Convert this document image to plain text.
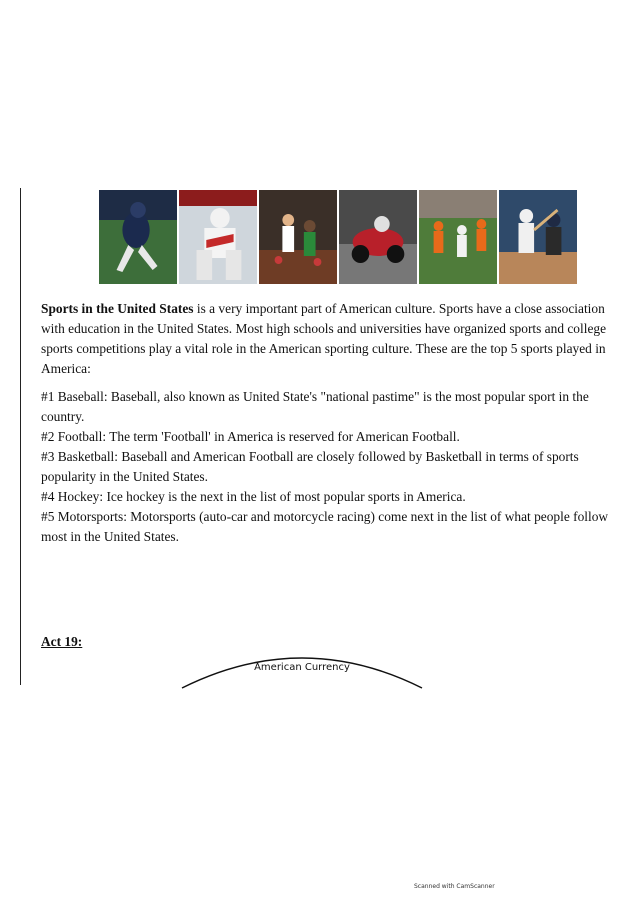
Sports in the United States is a very important part of American culture. Sports have a close association with education in the United States. Most high schools and universities have organized sports and college sports competitions play a vital role in the American sporting culture. These are the top 5 sports played in America:

#1 Baseball: Baseball, also known as United State's "national pastime" is the most popular sport in the country.

#2 Football: The term 'Football' in America is reserved for American Football.

#3 Basketball: Baseball and American Football are closely followed by Basketball in terms of sports popularity in the United States.

#4 Hockey: Ice hockey is the next in the list of most popular sports in America.

#5 Motorsports: Motorsports (auto-car and motorcycle racing) come next in the list of what people follow most in the United States.

Act 19:
American Currency
Scanned with CamScanner
